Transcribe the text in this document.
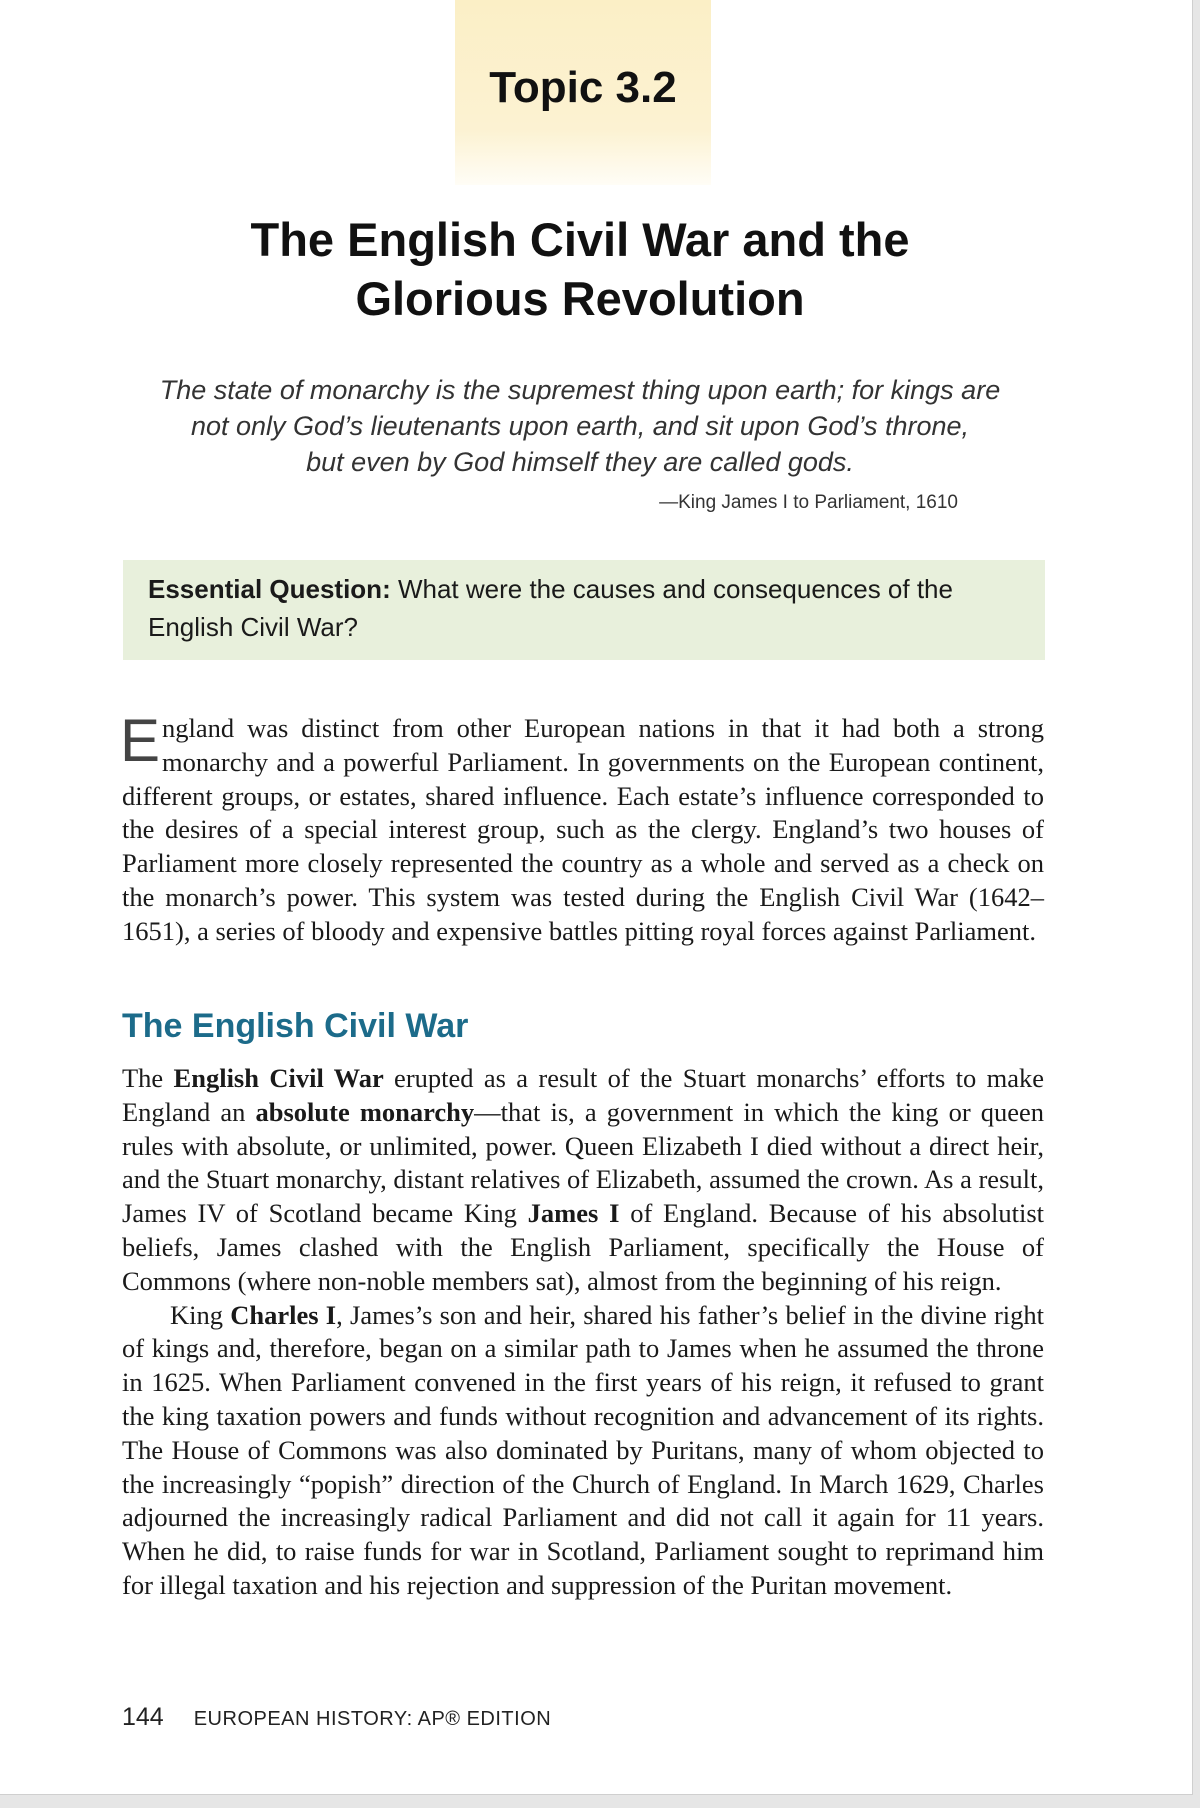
Topic 3.2
The English Civil War and the
Glorious Revolution
The state of monarchy is the supremest thing upon earth; for kings are
not only God’s lieutenants upon earth, and sit upon God’s throne,
but even by God himself they are called gods.
—King James I to Parliament, 1610
Essential Question: What were the causes and consequences of the English Civil War?
England was distinct from other European nations in that it had both a strong monarchy and a powerful Parliament. In governments on the European continent, different groups, or estates, shared influence. Each estate’s influence corresponded to the desires of a special interest group, such as the clergy. England’s two houses of Parliament more closely represented the country as a whole and served as a check on the monarch’s power. This system was tested during the English Civil War (1642–1651), a series of bloody and expensive battles pitting royal forces against Parliament.
The English Civil War

The English Civil War erupted as a result of the Stuart monarchs’ efforts to make England an absolute monarchy—that is, a government in which the king or queen rules with absolute, or unlimited, power. Queen Elizabeth I died without a direct heir, and the Stuart monarchy, distant relatives of Elizabeth, assumed the crown. As a result, James IV of Scotland became King James I of England. Because of his absolutist beliefs, James clashed with the English Parliament, specifically the House of Commons (where non-noble members sat), almost from the beginning of his reign.

King Charles I, James’s son and heir, shared his father’s belief in the divine right of kings and, therefore, began on a similar path to James when he assumed the throne in 1625. When Parliament convened in the first years of his reign, it refused to grant the king taxation powers and funds without recognition and advancement of its rights. The House of Commons was also dominated by Puritans, many of whom objected to the increasingly “popish” direction of the Church of England. In March 1629, Charles adjourned the increasingly radical Parliament and did not call it again for 11 years. When he did, to raise funds for war in Scotland, Parliament sought to reprimand him for illegal taxation and his rejection and suppression of the Puritan movement.

144 EUROPEAN HISTORY: AP® EDITION
